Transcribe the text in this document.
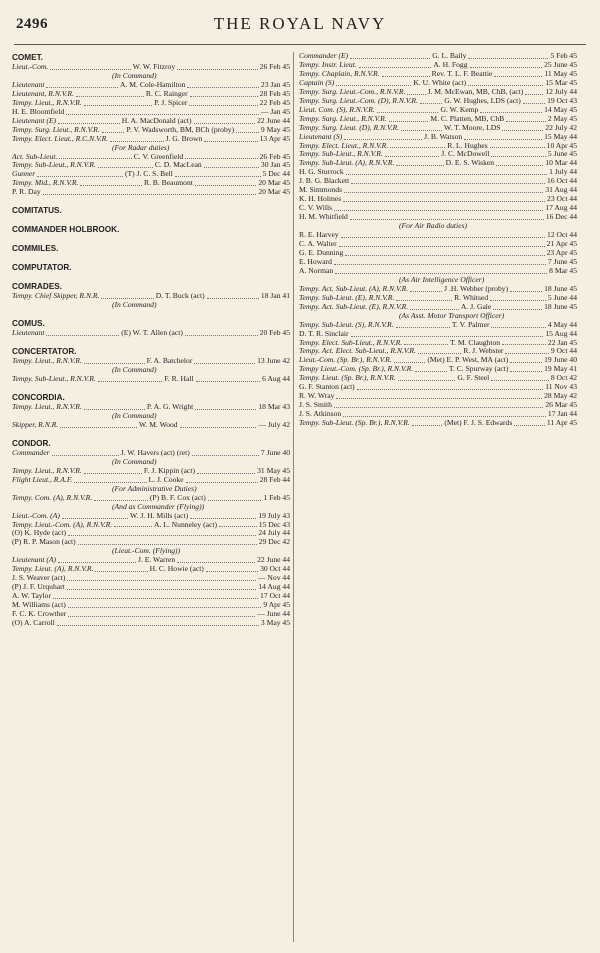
2496	THE ROYAL NAVY
COMET.
Lieut.-Com.	W. W. Fitzroy	26 Feb 45
(In Command)
Lieutenant	A. M. Cole-Hamilton	23 Jan 45
Lieutenant, R.N.V.R.	R. C. Rainger	28 Feb 45
Tempy. Lieut., R.N.V.R.	P. J. Spicer	22 Feb 45
H. E. Bloomfield	— Jan 45
Lieutenant (E)	H. A. MacDonald (act)	22 June 44
Tempy. Surg. Lieut., R.N.V.R.	P. V. Wadsworth, BM, BCh (proby)	9 May 45
Tempy. Elect. Lieut., R.C.N.V.R.	J. G. Brown	13 Apr 45
(For Radar duties)
Act. Sub-Lieut.	C. V. Greenfield	26 Feb 45
Tempy. Sub-Lieut., R.N.V.R.	C. D. MacLean	30 Jan 45
Gunner	(T) J. C. S. Bell	5 Dec 44
Tempy. Mid., R.N.V.R.	R. B. Beaumont	20 Mar 45
P. R. Day	20 Mar 45
COMITATUS.
COMMANDER HOLBROOK.
COMMILES.
COMPUTATOR.
COMRADES.
Tempy. Chief Skipper, R.N.R.	D. T. Buck (act)	18 Jan 41
(In Command)
COMUS.
Lieutenant	(E) W. T. Allen (act)	20 Feb 45
CONCERTATOR.
Tempy. Lieut., R.N.V.R.	F. A. Batchelor	13 June 42
(In Command)
Tempy. Sub-Lieut., R.N.V.R.	F. R. Hall	6 Aug 44
CONCORDIA.
Tempy. Lieut., R.N.V.R.	P. A. G. Wright	18 Mar 43
(In Command)
Skipper, R.N.R.	W. M. Wood	— July 42
CONDOR.
Commander	J. W. Havers (act) (ret)	7 June 40
(In Command)
Tempy. Lieut., R.N.V.R.	F. J. Kippin (act)	31 May 45
Flight Lieut., R.A.F.	L. J. Cooke	28 Feb 44
(For Administrative Duties)
Tempy. Com. (A), R.N.V.R.	(P) B. F. Cox (act)	1 Feb 45
(And as Commander (Flying))
Lieut.-Com. (A)	W. J. H. Mills (act)	19 July 43
Tempy. Lieut.-Com. (A), R.N.V.R.	A. L. Nunneley (act)	15 Dec 43
(O) K. Hyde (act)	24 July 44
(P) R. P. Mason (act)	29 Dec 42
(Lieut.-Com. (Flying))
Lieutenant (A)	J. E. Warren	22 June 44
Tempy. Lieut. (A), R.N.V.R.	H. C. Howie (act)	30 Oct 44
J. S. Weaver (act)	— Nov 44
(P) J. F. Urquhart	14 Aug 44
A. W. Taylor	17 Oct 44
M. Williams (act)	9 Apr 45
F. C. K. Crowther	— June 44
(O) A. Carroll	3 May 45
Commander (E)	G. L. Baily	5 Feb 45
Tempy. Instr. Lieut.	A. H. Fogg	25 June 45
Tempy. Chaplain, R.N.V.R.	Rev. T. L. F. Beattie	11 May 45
Captain (S)	K. U. White (act)	15 Mar 45
Tempy. Surg. Lieut.-Com., R.N.V.R.	J. M. McEwan, MB, ChB, (act)	12 July 44
Tempy. Surg. Lieut.-Com. (D), R.N.V.R.	G. W. Hughes, LDS (act)	19 Oct 43
Lieut. Com. (S), R.N.V.R.	G. W. Kemp	14 May 45
Tempy. Surg. Lieut., R.N.V.R.	M. C. Platten, MB, ChB	2 May 45
Tempy. Surg. Lieut. (D), R.N.V.R.	W. T. Moore, LDS	22 July 42
Lieutenant (S)	J. B. Watson	15 May 44
Tempy. Elect. Lieut., R.N.V.R.	R. L. Hughes	10 Apr 45
Tempy. Sub-Lieut., R.N.V.R.	J. C. McDowell	5 June 45
Tempy. Sub-Lieut. (A), R.N.V.R.	D. E. S. Wisken	10 Mar 44
H. G. Sturrock	1 July 44
J. B. G. Blackett	16 Oct 44
M. Simmonds	31 Aug 44
K. H. Holmes	23 Oct 44
C. V. Wills	17 Aug 44
H. M. Whitfield	16 Dec 44
(For Air Radio duties)
R. E. Harvey	12 Oct 44
C. A. Walter	21 Apr 45
G. E. Dunning	23 Apr 45
E. Howard	7 June 45
A. Norman	8 Mar 45
(As Air Intelligence Officer)
Tempy. Act. Sub-Lieut. (A), R.N.V.R.	J .H. Webber (proby)	18 June 45
Tempy. Sub-Lieut. (E), R.N.V.R.	R. Whitsed	5 June 44
Tempy. Act. Sub-Lieut. (E), R.N.V.R.	A. J. Gale	18 June 45
(As Asst. Motor Transport Officer)
Tempy. Sub-Lieut. (S), R.N.V.R.	T. V. Palmer	4 May 44
D. T. R. Sinclair	15 Aug 44
Tempy. Elect. Sub-Lieut., R.N.V.R.	T. M. Claughton	22 Jan 45
Tempy. Act. Elect. Sub-Lieut., R.N.V.R.	R. J. Webster	9 Oct 44
Lieut.-Com. (Sp. Br.), R.N.V.R.	(Met) E. P. West, MA (act)	19 June 40
Tempy Lieut.-Com. (Sp. Br.), R.N.V.R.	T. C. Spurway (act)	19 May 41
Tempy. Lieut. (Sp. Br.), R.N.V.R.	G. F. Steel	8 Oct 42
G. F. Stanton (act)	11 Nov 43
R. W. Wray	28 May 42
J. S. Smith	26 Mar 45
J. S. Atkinson	17 Jan 44
Tempy. Sub-Lieut. (Sp. Br.), R.N.V.R.	(Met) F. J. S. Edwards	11 Apr 45
